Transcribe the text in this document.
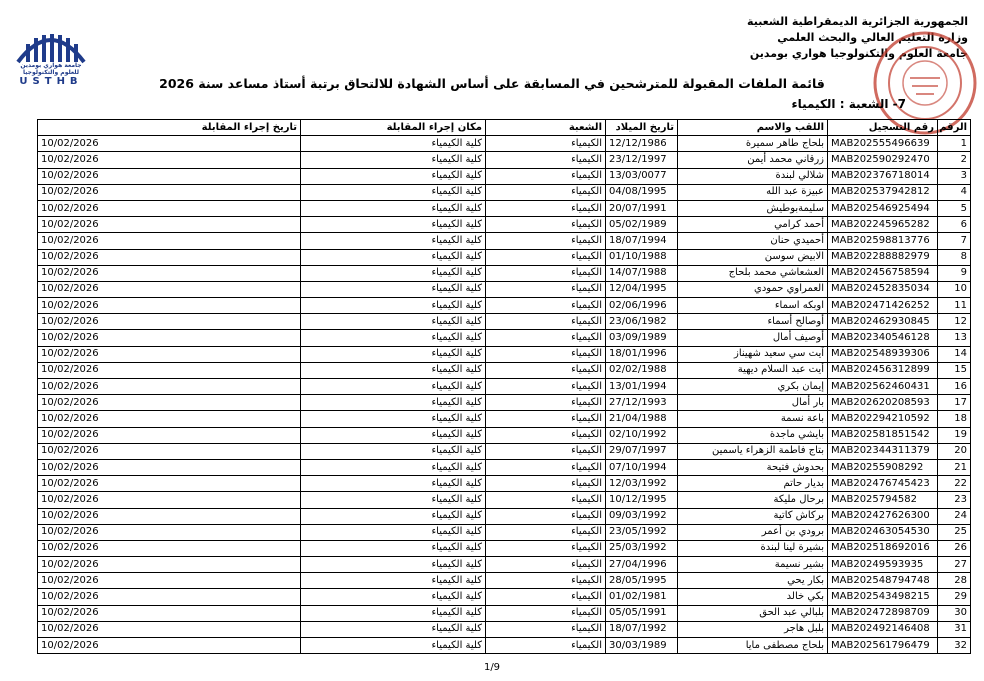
الجمهورية الجزائرية الديمقراطية الشعبية
وزارة التعليم العالي والبحث العلمي
جامعة العلوم والتكنولوجيا هواري بومدين
جامعة هواري بومدين للعلوم والتكنولوجيا
USTHB	قائمة الملفات المقبولة للمترشحين في المسابقة على أساس الشهادة للالتحاق برتبة أستاذ مساعد سنة 2026
7- الشعبة : الكيمياء
الرقم	رقم التسجيل	اللقب والاسم	تاريخ الميلاد	الشعبة	مكان إجراء المقابلة	تاريخ إجراء المقابلة
1	MAB202555496639	بلحاج طاهر سميرة	12/12/1986	الكيمياء	كلية الكيمياء	10/02/2026
2	MAB202590292470	زرقاني محمد أيمن	23/12/1997	الكيمياء	كلية الكيمياء	10/02/2026
3	MAB202376718014	شلالي لبندة	13/03/0077	الكيمياء	كلية الكيمياء	10/02/2026
4	MAB202537942812	عبيزة عبد الله	04/08/1995	الكيمياء	كلية الكيمياء	10/02/2026
5	MAB202546925494	سليمةبوطيش	20/07/1991	الكيمياء	كلية الكيمياء	10/02/2026
6	MAB202245965282	أحمد كرامي	05/02/1989	الكيمياء	كلية الكيمياء	10/02/2026
7	MAB202598813776	أحميدي حنان	18/07/1994	الكيمياء	كلية الكيمياء	10/02/2026
8	MAB202288882979	الابيض سوسن	01/10/1988	الكيمياء	كلية الكيمياء	10/02/2026
9	MAB202456758594	العشعاشي محمد بلحاج	14/07/1988	الكيمياء	كلية الكيمياء	10/02/2026
10	MAB202452835034	العمراوي حمودي	12/04/1995	الكيمياء	كلية الكيمياء	10/02/2026
11	MAB202471426252	اوبكه اسماء	02/06/1996	الكيمياء	كلية الكيمياء	10/02/2026
12	MAB202462930845	أوصالح أسماء	23/06/1982	الكيمياء	كلية الكيمياء	10/02/2026
13	MAB202340546128	أوصيف أمال	03/09/1989	الكيمياء	كلية الكيمياء	10/02/2026
14	MAB202548939306	آيت سي سعيد شهيناز	18/01/1996	الكيمياء	كلية الكيمياء	10/02/2026
15	MAB202456312899	أيت عبد السلام ديهية	02/02/1988	الكيمياء	كلية الكيمياء	10/02/2026
16	MAB202562460431	إيمان بكري	13/01/1994	الكيمياء	كلية الكيمياء	10/02/2026
17	MAB202620208593	بار أمال	27/12/1993	الكيمياء	كلية الكيمياء	10/02/2026
18	MAB202294210592	باعة نسمة	21/04/1988	الكيمياء	كلية الكيمياء	10/02/2026
19	MAB202581851542	بايشي ماجدة	02/10/1992	الكيمياء	كلية الكيمياء	10/02/2026
20	MAB202344311379	بتاج فاطمة الزهراء ياسمين	29/07/1997	الكيمياء	كلية الكيمياء	10/02/2026
21	MAB20255908292	بحدوش فتيحة	07/10/1994	الكيمياء	كلية الكيمياء	10/02/2026
22	MAB202476745423	بديار حاتم	12/03/1992	الكيمياء	كلية الكيمياء	10/02/2026
23	MAB2025794582	برحال مليكة	10/12/1995	الكيمياء	كلية الكيمياء	10/02/2026
24	MAB202427626300	بركاش كاتية	09/03/1992	الكيمياء	كلية الكيمياء	10/02/2026
25	MAB202463054530	برودي بن أعمر	23/05/1992	الكيمياء	كلية الكيمياء	10/02/2026
26	MAB202518692016	بشيرة لينا لبندة	25/03/1992	الكيمياء	كلية الكيمياء	10/02/2026
27	MAB20249593935	بشير نسيمة	27/04/1996	الكيمياء	كلية الكيمياء	10/02/2026
28	MAB202548794748	بكار يحي	28/05/1995	الكيمياء	كلية الكيمياء	10/02/2026
29	MAB202543498215	بكي خالد	01/02/1981	الكيمياء	كلية الكيمياء	10/02/2026
30	MAB202472898709	بلبالي عبد الحق	05/05/1991	الكيمياء	كلية الكيمياء	10/02/2026
31	MAB202492146408	بلبل هاجر	18/07/1992	الكيمياء	كلية الكيمياء	10/02/2026
32	MAB202561796479	بلحاج مصطفى مايا	30/03/1989	الكيمياء	كلية الكيمياء	10/02/2026
1/9
